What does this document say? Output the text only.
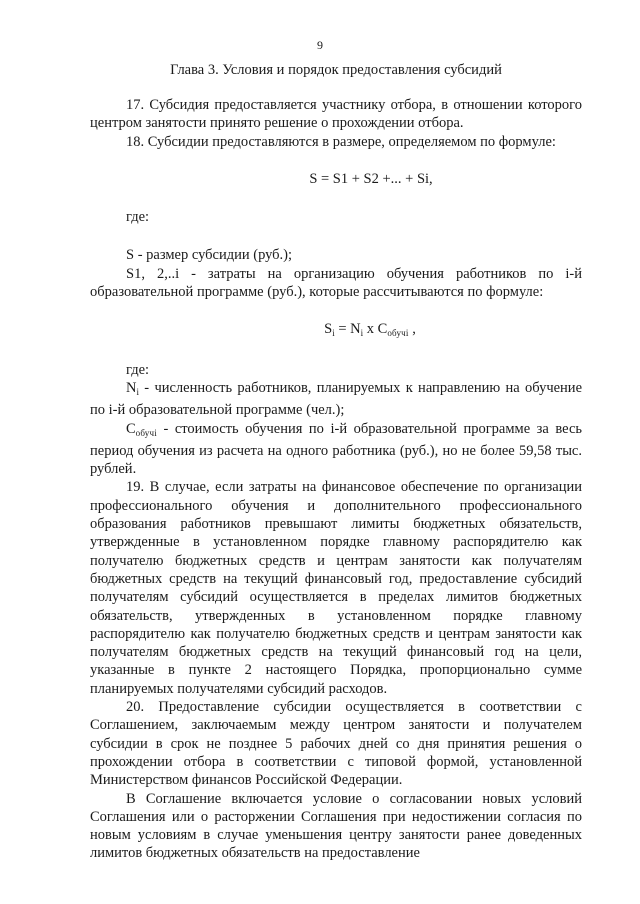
9
Глава 3. Условия и порядок предоставления субсидий

17. Субсидия предоставляется участнику отбора, в отношении которого центром занятости принято решение о прохождении отбора.

18. Субсидии предоставляются в размере, определяемом по формуле:

S = S1 + S2 +... + Si,

где:

S - размер субсидии (руб.);

S1, 2,..i - затраты на организацию обучения работников по i-й образовательной программе (руб.), которые рассчитываются по формуле:

$S_i = N_i$ x $C_{обучi}$ ,

где:

$N_i$ - численность работников, планируемых к направлению на обучение по i-й образовательной программе (чел.);

$C_{обучi}$ - стоимость обучения по i-й образовательной программе за весь период обучения из расчета на одного работника (руб.), но не более 59,58 тыс. рублей.

19. В случае, если затраты на финансовое обеспечение по организации профессионального обучения и дополнительного профессионального образования работников превышают лимиты бюджетных обязательств, утвержденные в установленном порядке главному распорядителю как получателю бюджетных средств и центрам занятости как получателям бюджетных средств на текущий финансовый год, предоставление субсидий получателям субсидий осуществляется в пределах лимитов бюджетных обязательств, утвержденных в установленном порядке главному распорядителю как получателю бюджетных средств и центрам занятости как получателям бюджетных средств на текущий финансовый год на цели, указанные в пункте 2 настоящего Порядка, пропорционально сумме планируемых получателями субсидий расходов.

20. Предоставление субсидии осуществляется в соответствии с Соглашением, заключаемым между центром занятости и получателем субсидии в срок не позднее 5 рабочих дней со дня принятия решения о прохождении отбора в соответствии с типовой формой, установленной Министерством финансов Российской Федерации.

В Соглашение включается условие о согласовании новых условий Соглашения или о расторжении Соглашения при недостижении согласия по новым условиям в случае уменьшения центру занятости ранее доведенных лимитов бюджетных обязательств на предоставление
